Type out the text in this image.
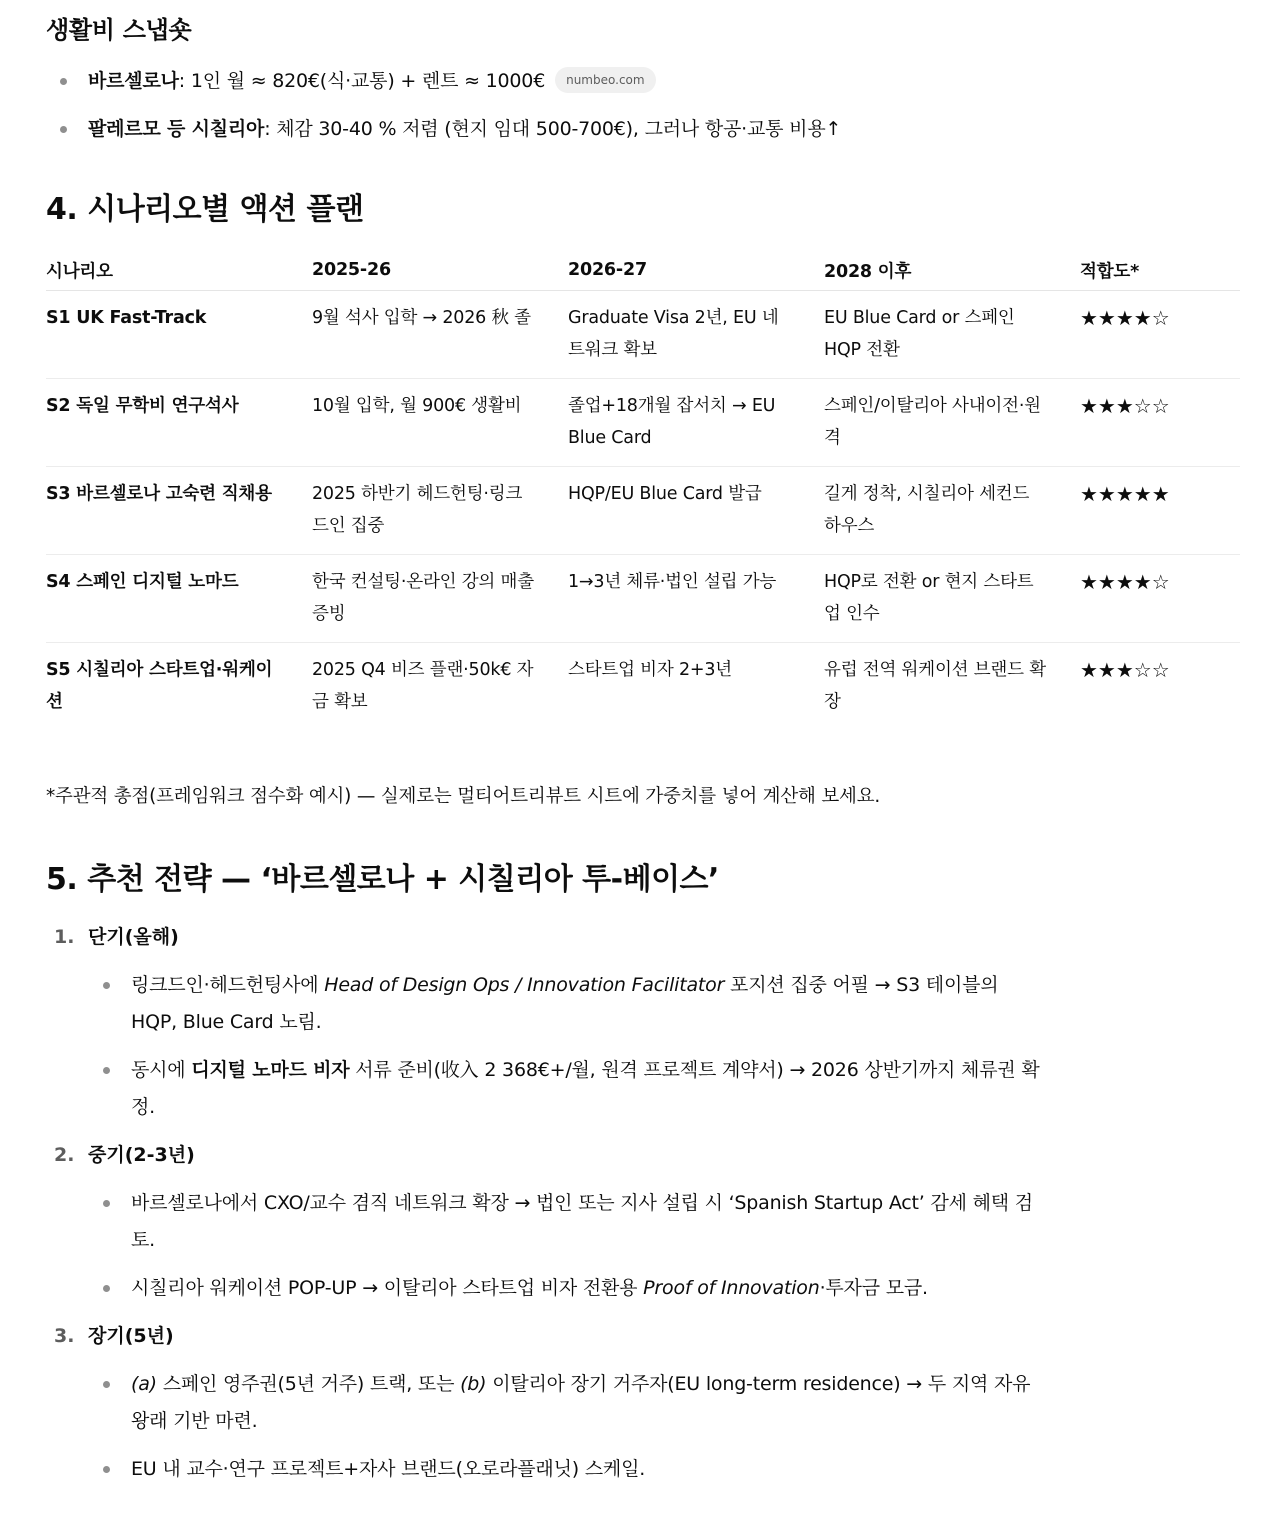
생활비 스냅숏
바르셀로나: 1인 월 ≈ 820€(식·교통) + 렌트 ≈ 1000€ numbeo.com
팔레르모 등 시칠리아: 체감 30-40 % 저렴 (현지 임대 500-700€), 그러나 항공·교통 비용↑
4. 시나리오별 액션 플랜
시나리오	2025-26	2026-27	2028 이후	적합도*
S1 UK Fast-Track	9월 석사 입학 → 2026 秋 졸	Graduate Visa 2년, EU 네트워크 확보	EU Blue Card or 스페인 HQP 전환	★★★★☆
S2 독일 무학비 연구석사	10월 입학, 월 900€ 생활비	졸업+18개월 잡서치 → EU Blue Card	스페인/이탈리아 사내이전·원격	★★★☆☆
S3 바르셀로나 고숙련 직채용	2025 하반기 헤드헌팅·링크드인 집중	HQP/EU Blue Card 발급	길게 정착, 시칠리아 세컨드 하우스	★★★★★
S4 스페인 디지털 노마드	한국 컨설팅·온라인 강의 매출 증빙	1→3년 체류·법인 설립 가능	HQP로 전환 or 현지 스타트업 인수	★★★★☆
S5 시칠리아 스타트업·워케이션	2025 Q4 비즈 플랜·50k€ 자금 확보	스타트업 비자 2+3년	유럽 전역 워케이션 브랜드 확장	★★★☆☆
*주관적 총점(프레임워크 점수화 예시) — 실제로는 멀티어트리뷰트 시트에 가중치를 넣어 계산해 보세요.
5. 추천 전략 — ‘바르셀로나 + 시칠리아 투-베이스’
1. 단기(올해)
링크드인·헤드헌팅사에 Head of Design Ops / Innovation Facilitator 포지션 집중 어필 → S3 테이블의
HQP, Blue Card 노림.
동시에 디지털 노마드 비자 서류 준비(收入 2 368€+/월, 원격 프로젝트 계약서) → 2026 상반기까지 체류권 확
정.
2. 중기(2-3년)
바르셀로나에서 CXO/교수 겸직 네트워크 확장 → 법인 또는 지사 설립 시 ‘Spanish Startup Act’ 감세 혜택 검
토.
시칠리아 워케이션 POP-UP → 이탈리아 스타트업 비자 전환용 Proof of Innovation·투자금 모금.
3. 장기(5년)
(a) 스페인 영주권(5년 거주) 트랙, 또는 (b) 이탈리아 장기 거주자(EU long-term residence) → 두 지역 자유
왕래 기반 마련.
EU 내 교수·연구 프로젝트+자사 브랜드(오로라플래닛) 스케일.
